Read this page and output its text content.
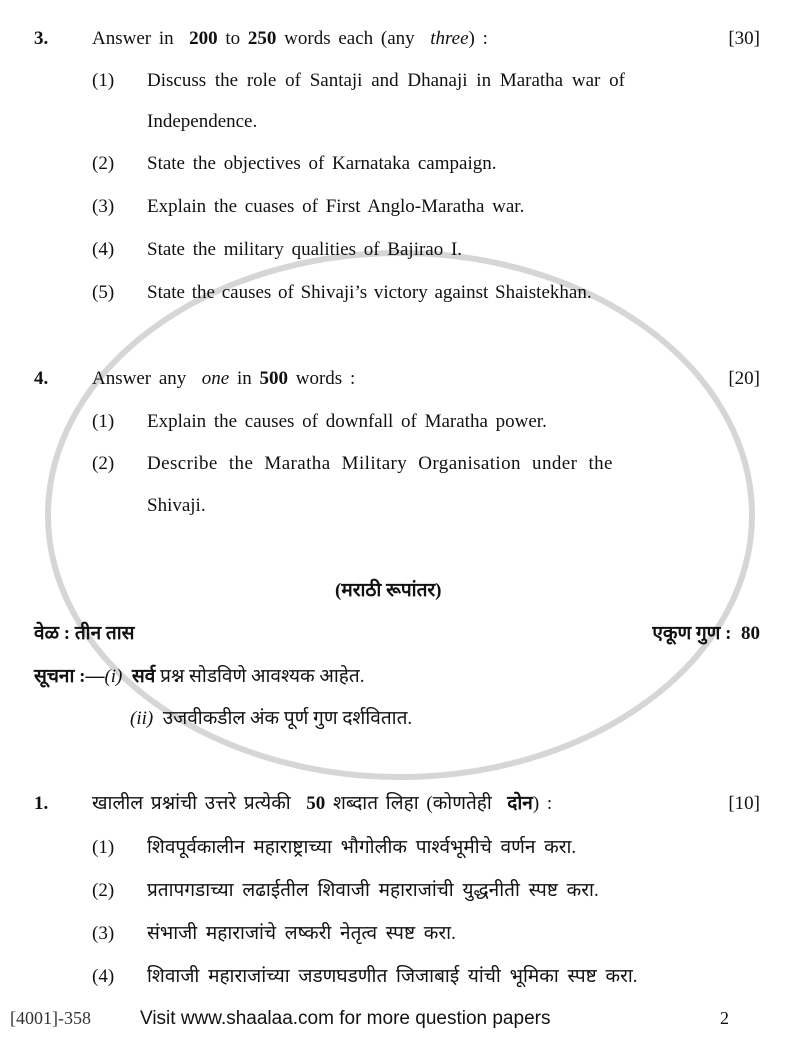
3. Answer in 200 to 250 words each (any three) :	[30]
(1) Discuss the role of Santaji and Dhanaji in Maratha war of
Independence.
(2) State the objectives of Karnataka campaign.
(3) Explain the cuases of First Anglo-Maratha war.
(4) State the military qualities of Bajirao I.
(5) State the causes of Shivaji’s victory against Shaistekhan.
4. Answer any one in 500 words :	[20]
(1) Explain the causes of downfall of Maratha power.
(2) Describe the Maratha Military Organisation under the
Shivaji.
(मराठी रूपांतर)
वेळ : तीन तास	एकूण गुण : 80
सूचना :—(i) सर्व प्रश्न सोडविणे आवश्यक आहेत.
(ii) उजवीकडील अंक पूर्ण गुण दर्शवितात.
1. खालील प्रश्नांची उत्तरे प्रत्येकी 50 शब्दात लिहा (कोणतेही दोन) :	[10]
(1) शिवपूर्वकालीन महाराष्ट्राच्या भौगोलीक पार्श्वभूमीचे वर्णन करा.
(2) प्रतापगडाच्या लढाईतील शिवाजी महाराजांची युद्धनीती स्पष्ट करा.
(3) संभाजी महाराजांचे लष्करी नेतृत्व स्पष्ट करा.
(4) शिवाजी महाराजांच्या जडणघडणीत जिजाबाई यांची भूमिका स्पष्ट करा.
[4001]-358	Visit www.shaalaa.com for more question papers	2
